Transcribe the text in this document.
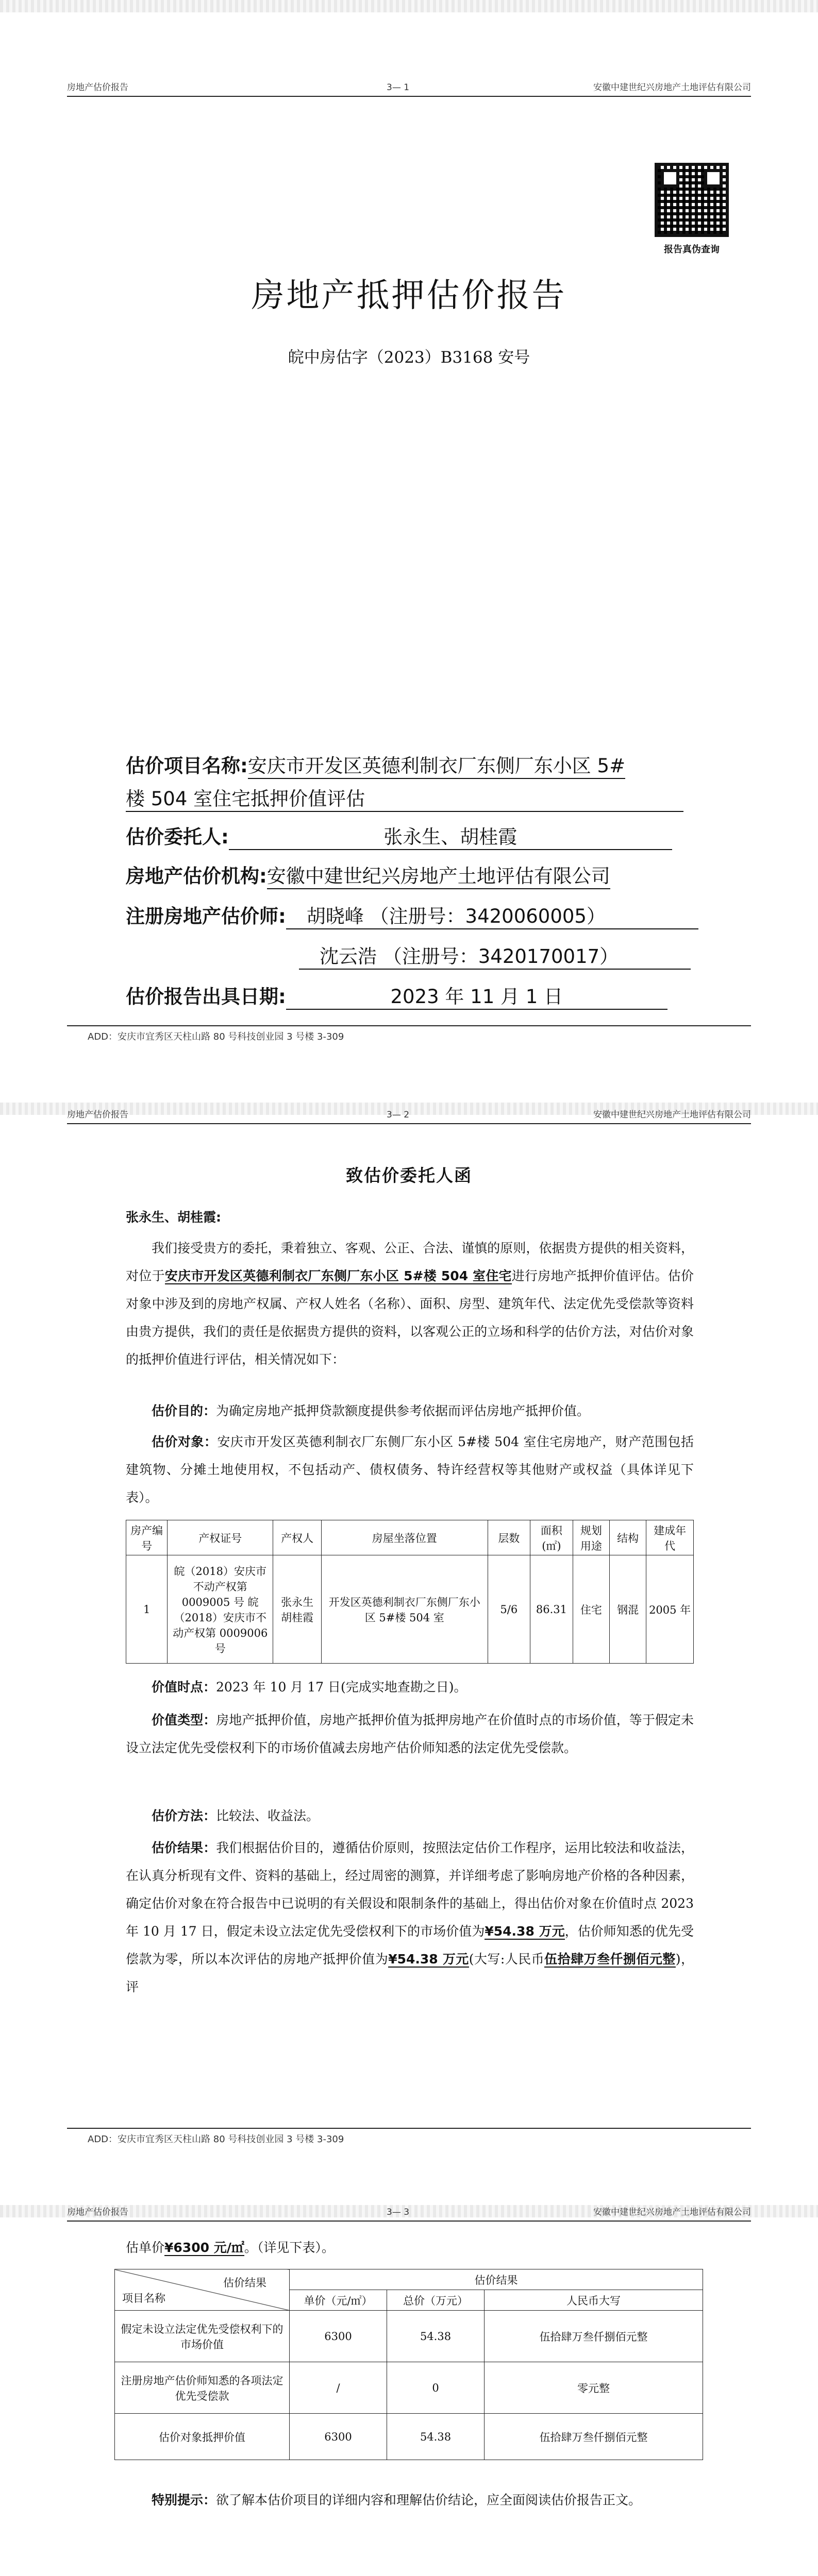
房地产估价报告	3— 1	安徽中建世纪兴房地产土地评估有限公司
报告真伪查询
房地产抵押估价报告
皖中房估字（2023）B3168 安号
估价项目名称:安庆市开发区英德利制衣厂东侧厂东小区 5#
楼 504 室住宅抵押价值评估
估价委托人:	张永生、胡桂霞
房地产估价机构:安徽中建世纪兴房地产土地评估有限公司
注册房地产估价师: 胡晓峰 （注册号：3420060005）
沈云浩 （注册号：3420170017）
估价报告出具日期:	2023 年 11 月 1 日
ADD：安庆市宜秀区天柱山路 80 号科技创业园 3 号楼 3-309
房地产估价报告	3— 2	安徽中建世纪兴房地产土地评估有限公司
致估价委托人函
张永生、胡桂霞:
我们接受贵方的委托，秉着独立、客观、公正、合法、谨慎的原则，依据贵方提供的相关资料，对位于安庆市开发区英德利制衣厂东侧厂东小区 5#楼 504 室住宅进行房地产抵押价值评估。估价对象中涉及到的房地产权属、产权人姓名（名称）、面积、房型、建筑年代、法定优先受偿款等资料由贵方提供，我们的责任是依据贵方提供的资料，以客观公正的立场和科学的估价方法，对估价对象的抵押价值进行评估，相关情况如下：
估价目的：为确定房地产抵押贷款额度提供参考依据而评估房地产抵押价值。
估价对象：安庆市开发区英德利制衣厂东侧厂东小区 5#楼 504 室住宅房地产，财产范围包括建筑物、分摊土地使用权，不包括动产、债权债务、特许经营权等其他财产或权益（具体详见下表）。
房产编号	产权证号	产权人	房屋坐落位置	层数	面积(㎡)	规划用途	结构	建成年代
1	皖（2018）安庆市不动产权第 0009005 号 皖（2018）安庆市不动产权第 0009006 号	张永生 胡桂霞	开发区英德利制衣厂东侧厂东小区 5#楼 504 室	5/6	86.31	住宅	钢混	2005 年
价值时点：2023 年 10 月 17 日(完成实地查勘之日)。
价值类型：房地产抵押价值，房地产抵押价值为抵押房地产在价值时点的市场价值，等于假定未设立法定优先受偿权利下的市场价值减去房地产估价师知悉的法定优先受偿款。
估价方法：比较法、收益法。
估价结果：我们根据估价目的，遵循估价原则，按照法定估价工作程序，运用比较法和收益法，在认真分析现有文件、资料的基础上，经过周密的测算，并详细考虑了影响房地产价格的各种因素，确定估价对象在符合报告中已说明的有关假设和限制条件的基础上，得出估价对象在价值时点 2023 年 10 月 17 日，假定未设立法定优先受偿权利下的市场价值为¥54.38 万元，估价师知悉的优先受偿款为零，所以本次评估的房地产抵押价值为¥54.38 万元(大写:人民币伍拾肆万叁仟捌佰元整)，评
ADD：安庆市宜秀区天柱山路 80 号科技创业园 3 号楼 3-309
房地产估价报告	3— 3	安徽中建世纪兴房地产土地评估有限公司
估单价¥6300 元/㎡。（详见下表）。
估价结果
项目名称	估价结果		
	单价（元/㎡）	总价（万元）	人民币大写
假定未设立法定优先受偿权利下的市场价值	6300	54.38	伍拾肆万叁仟捌佰元整
注册房地产估价师知悉的各项法定优先受偿款	/	0	零元整
估价对象抵押价值	6300	54.38	伍拾肆万叁仟捌佰元整
特别提示：欲了解本估价项目的详细内容和理解估价结论，应全面阅读估价报告正文。
